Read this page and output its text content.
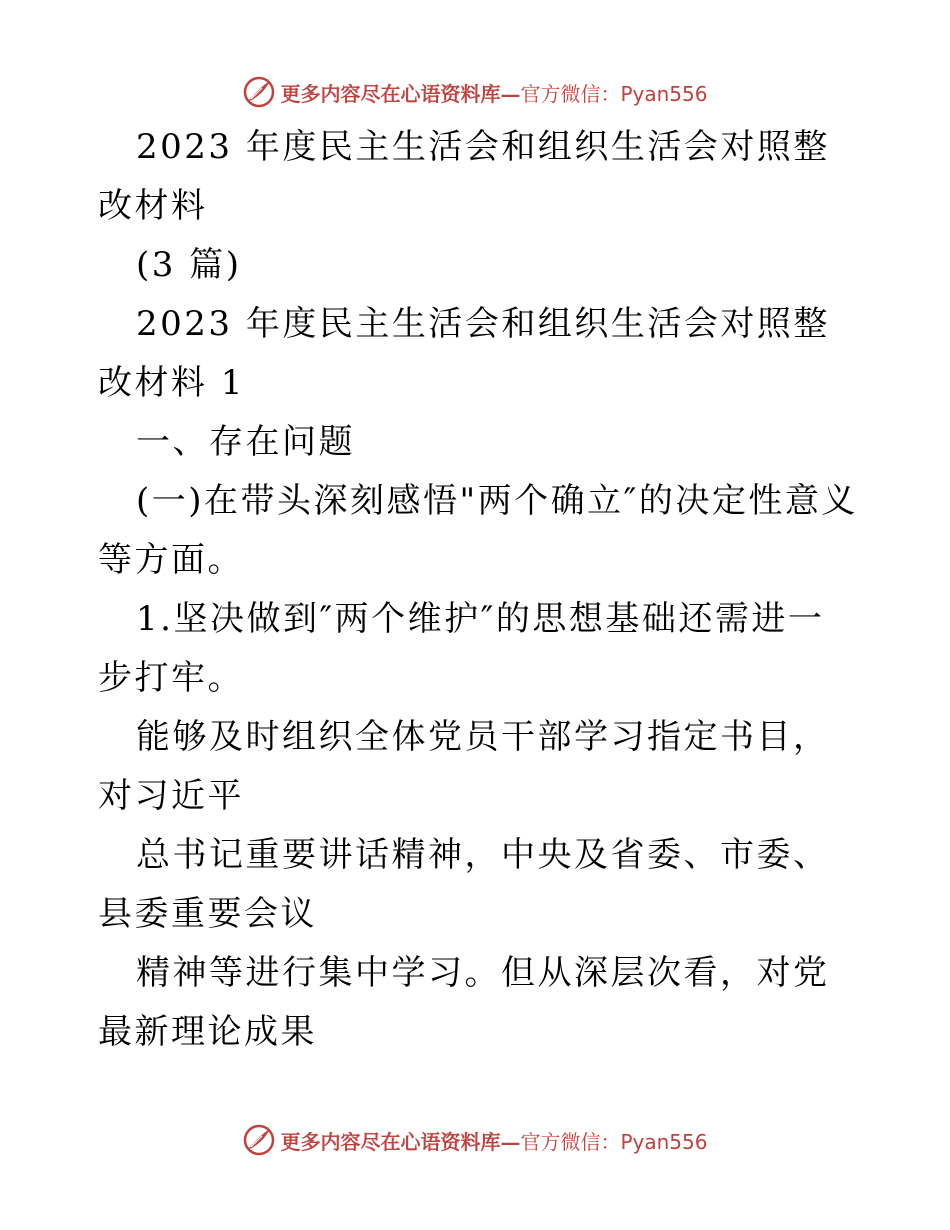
更多内容尽在心语资料库— 官方微信：Pyan556

2023 年度民主生活会和组织生活会对照整改材料

(3 篇)

2023 年度民主生活会和组织生活会对照整改材料 1

一、存在问题

(一)在带头深刻感悟"两个确立″的决定性意义等方面。

1.坚决做到″两个维护″的思想基础还需进一步打牢。

能够及时组织全体党员干部学习指定书目，对习近平

总书记重要讲话精神，中央及省委、市委、县委重要会议

精神等进行集中学习。但从深层次看，对党最新理论成果

更多内容尽在心语资料库— 官方微信：Pyan556
